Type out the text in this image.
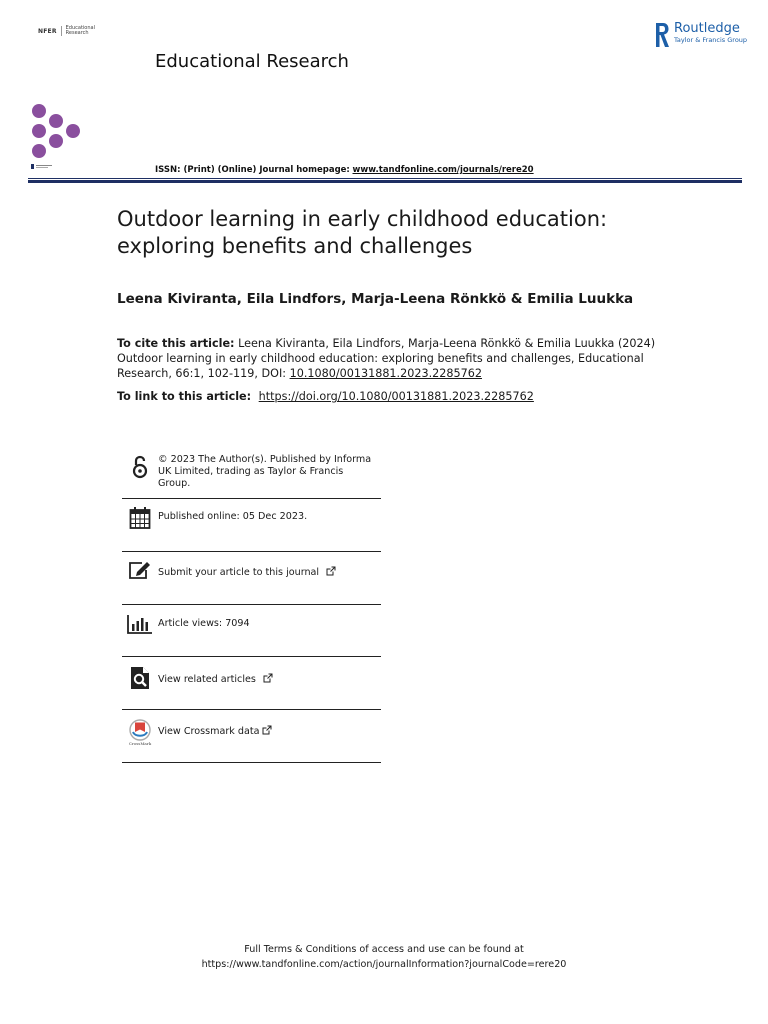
NFER Educational
Research
Educational Research
Routledge
Taylor & Francis Group
ISSN: (Print) (Online) Journal homepage: www.tandfonline.com/journals/rere20
Outdoor learning in early childhood education:
exploring benefits and challenges
Leena Kiviranta, Eila Lindfors, Marja-Leena Rönkkö & Emilia Luukka
To cite this article: Leena Kiviranta, Eila Lindfors, Marja-Leena Rönkkö & Emilia Luukka (2024) Outdoor learning in early childhood education: exploring benefits and challenges, Educational Research, 66:1, 102-119, DOI: 10.1080/00131881.2023.2285762
To link to this article: https://doi.org/10.1080/00131881.2023.2285762
© 2023 The Author(s). Published by Informa
UK Limited, trading as Taylor & Francis
Group.
Published online: 05 Dec 2023.
Submit your article to this journal
Article views: 7094
View related articles
CrossMark
View Crossmark data
Full Terms & Conditions of access and use can be found at
https://www.tandfonline.com/action/journalInformation?journalCode=rere20
